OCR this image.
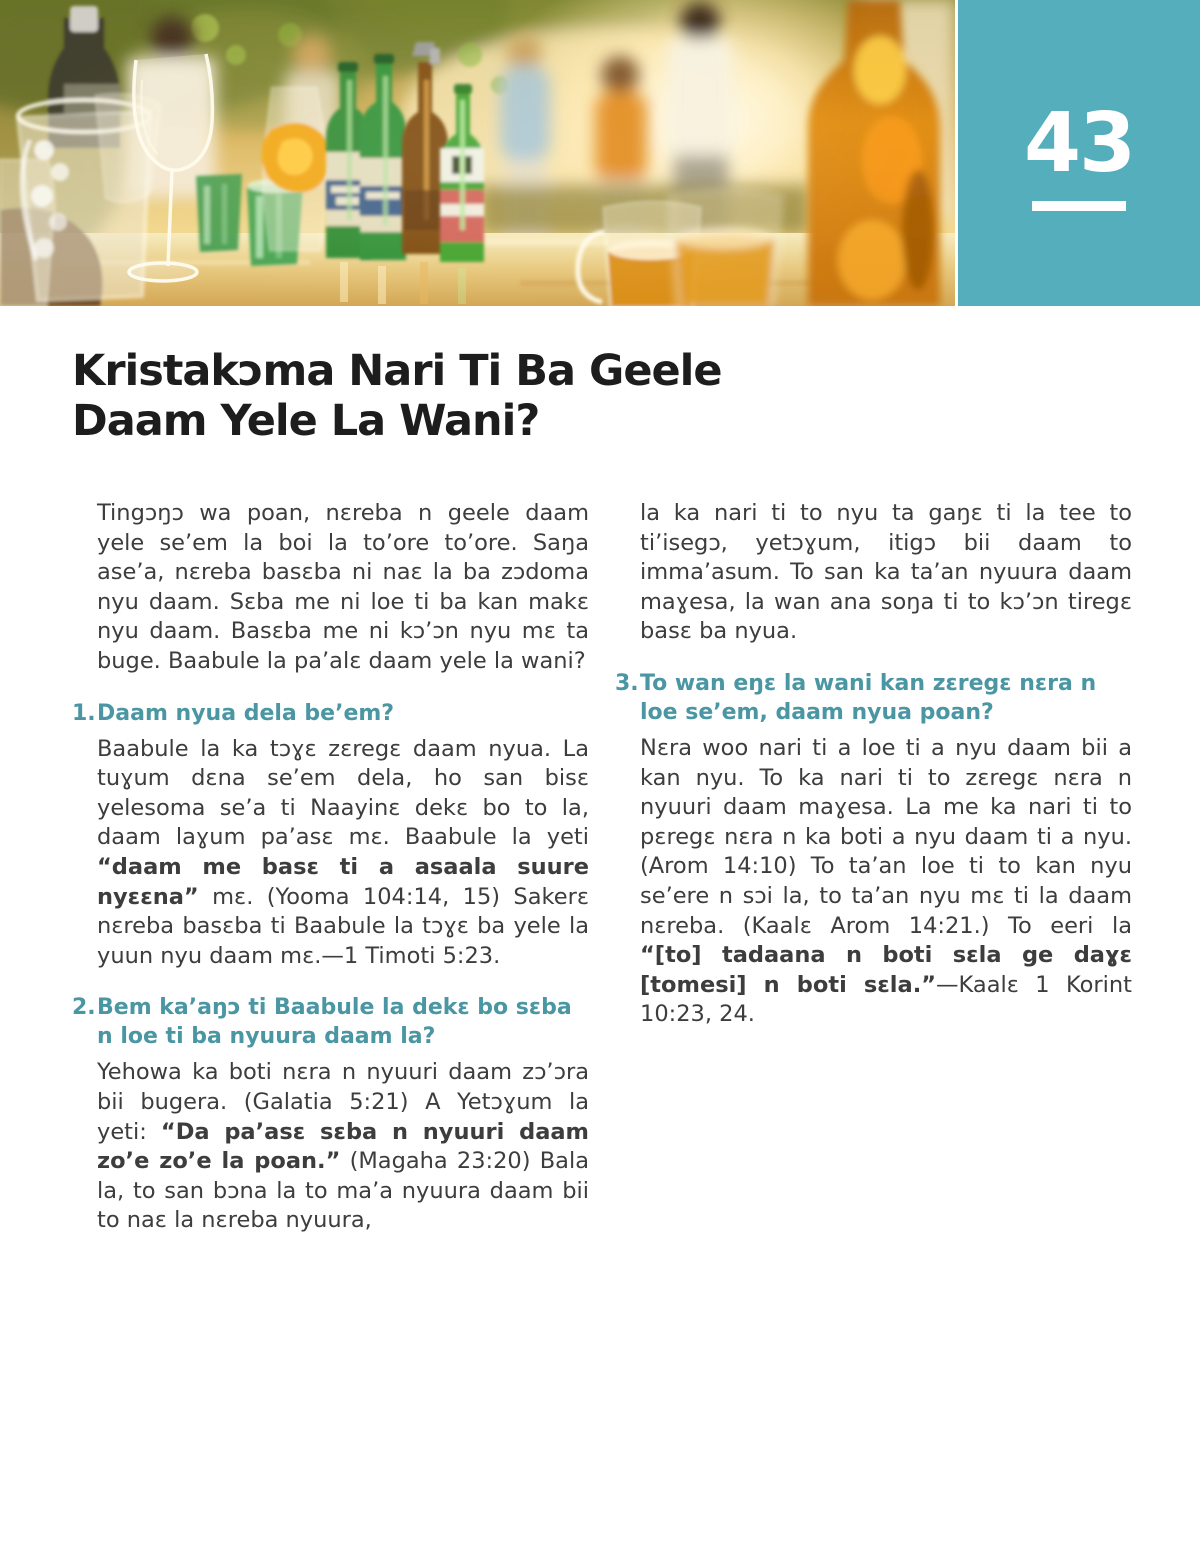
43
Kristakɔma Nari Ti Ba Geele
Daam Yele La Wani?

Tingɔŋɔ wa poan, nɛreba n geele daam yele se’em la boi la to’ore to’ore. Saŋa ase’a, nɛreba basɛba ni naɛ la ba zɔdoma nyu daam. Sɛba me ni loe ti ba kan makɛ nyu daam. Basɛba me ni kɔ’ɔn nyu mɛ ta buge. Baabule la pa’alɛ daam yele la wani?

1. Daam nyua dela be’em?

Baabule la ka tɔɣɛ zɛregɛ daam nyua. La tuɣum dɛna se’em dela, ho san bisɛ yelesoma se’a ti Naayinɛ dekɛ bo to la, daam laɣum pa’asɛ mɛ. Baabule la yeti “daam me basɛ ti a asaala suure nyɛɛna” mɛ. (Yooma 104:14, 15) Sakerɛ nɛreba basɛba ti Baabule la tɔɣɛ ba yele la yuun nyu daam mɛ.—1 Timoti 5:23.

2. Bem ka’aŋɔ ti Baabule la dekɛ bo sɛba n loe ti ba nyuura daam la?

Yehowa ka boti nɛra n nyuuri daam zɔ’ɔra bii bugera. (Galatia 5:21) A Yetɔɣum la yeti: “Da pa’asɛ sɛba n nyuuri daam zo’e zo’e la poan.” (Magaha 23:20) Bala la, to san bɔna la to ma’a nyuura daam bii to naɛ la nɛreba nyuura,

la ka nari ti to nyu ta gaŋɛ ti la tee to ti’isegɔ, yetɔɣum, itigɔ bii daam to imma’asum. To san ka ta’an nyuura daam maɣesa, la wan ana soŋa ti to kɔ’ɔn tiregɛ basɛ ba nyua.

3. To wan eŋɛ la wani kan zɛregɛ nɛra n loe se’em, daam nyua poan?

Nɛra woo nari ti a loe ti a nyu daam bii a kan nyu. To ka nari ti to zɛregɛ nɛra n nyuuri daam maɣesa. La me ka nari ti to pɛregɛ nɛra n ka boti a nyu daam ti a nyu. (Arom 14:10) To ta’an loe ti to kan nyu se’ere n sɔi la, to ta’an nyu mɛ ti la daam nɛreba. (Kaalɛ Arom 14:21.) To eeri la “[to] tadaana n boti sɛla ge daɣɛ [tomesi] n boti sɛla.”—Kaalɛ 1 Korint 10:23, 24.
